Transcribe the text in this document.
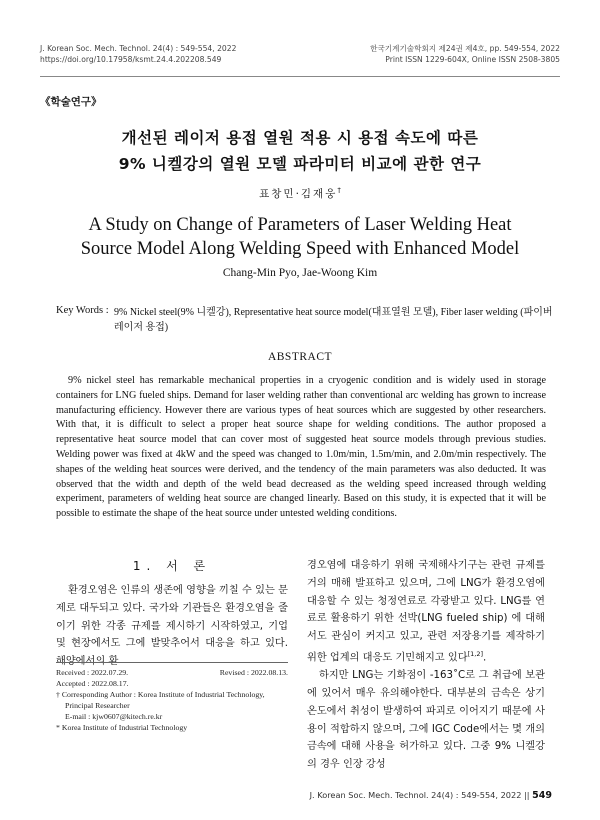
J. Korean Soc. Mech. Technol. 24(4) : 549-554, 2022
https://doi.org/10.17958/ksmt.24.4.202208.549
한국기계기술학회지 제24권 제4호, pp. 549-554, 2022
Print ISSN 1229-604X, Online ISSN 2508-3805
《학술연구》
개선된 레이저 용접 열원 적용 시 용접 속도에 따른
9% 니켈강의 열원 모델 파라미터 비교에 관한 연구
표창민·김재웅†
A Study on Change of Parameters of Laser Welding Heat
Source Model Along Welding Speed with Enhanced Model
Chang-Min Pyo, Jae-Woong Kim
Key Words : 9% Nickel steel(9% 니켈강), Representative heat source model(대표열원 모델), Fiber laser welding (파이버 레이저 용접)
ABSTRACT
9% nickel steel has remarkable mechanical properties in a cryogenic condition and is widely used in storage containers for LNG fueled ships. Demand for laser welding rather than conventional arc welding has grown to increase manufacturing efficiency. However there are various types of heat sources which are suggested by other researchers. With that, it is difficult to select a proper heat source shape for welding conditions. The author proposed a representative heat source model that can cover most of suggested heat source models through previous studies. Welding power was fixed at 4kW and the speed was changed to 1.0m/min, 1.5m/min, and 2.0m/min respectively. The shapes of the welding heat sources were derived, and the tendency of the main parameters was also deducted. It was observed that the width and depth of the weld bead decreased as the welding speed increased through welding experiment, parameters of welding heat source are changed linearly. Based on this study, it is expected that it will be possible to estimate the shape of the heat source under untested welding conditions.
1. 서 론
환경오염은 인류의 생존에 영향을 끼칠 수 있는 문제로 대두되고 있다. 국가와 기관들은 환경오염을 줄이기 위한 각종 규제를 제시하기 시작하였고, 기업 및 현장에서도 그에 발맞추어서 대응을 하고 있다. 해양에서의 환

경오염에 대응하기 위해 국제해사기구는 관련 규제를 거의 매해 발표하고 있으며, 그에 LNG가 환경오염에 대응할 수 있는 청정연료로 각광받고 있다. LNG를 연료로 활용하기 위한 선박(LNG fueled ship) 에 대해서도 관심이 커지고 있고, 관련 저장용기를 제작하기 위한 업계의 대응도 기민해지고 있다[1,2].

하지만 LNG는 기화점이 -163˚C로 그 취급에 보관에 있어서 매우 유의해야한다. 대부분의 금속은 상기 온도에서 취성이 발생하여 파괴로 이어지기 때문에 사용이 적합하지 않으며, 그에 IGC Code에서는 몇 개의 금속에 대해 사용을 허가하고 있다. 그중 9% 니켈강의 경우 인장 강성

Received : 2022.07.29.	Revised : 2022.08.13.
Accepted : 2022.08.17.
† Corresponding Author : Korea Institute of Industrial Technology,
Principal Researcher
E-mail : kjw0607@kitech.re.kr
* Korea Institute of Industrial Technology
J. Korean Soc. Mech. Technol. 24(4) : 549-554, 2022 || 549
